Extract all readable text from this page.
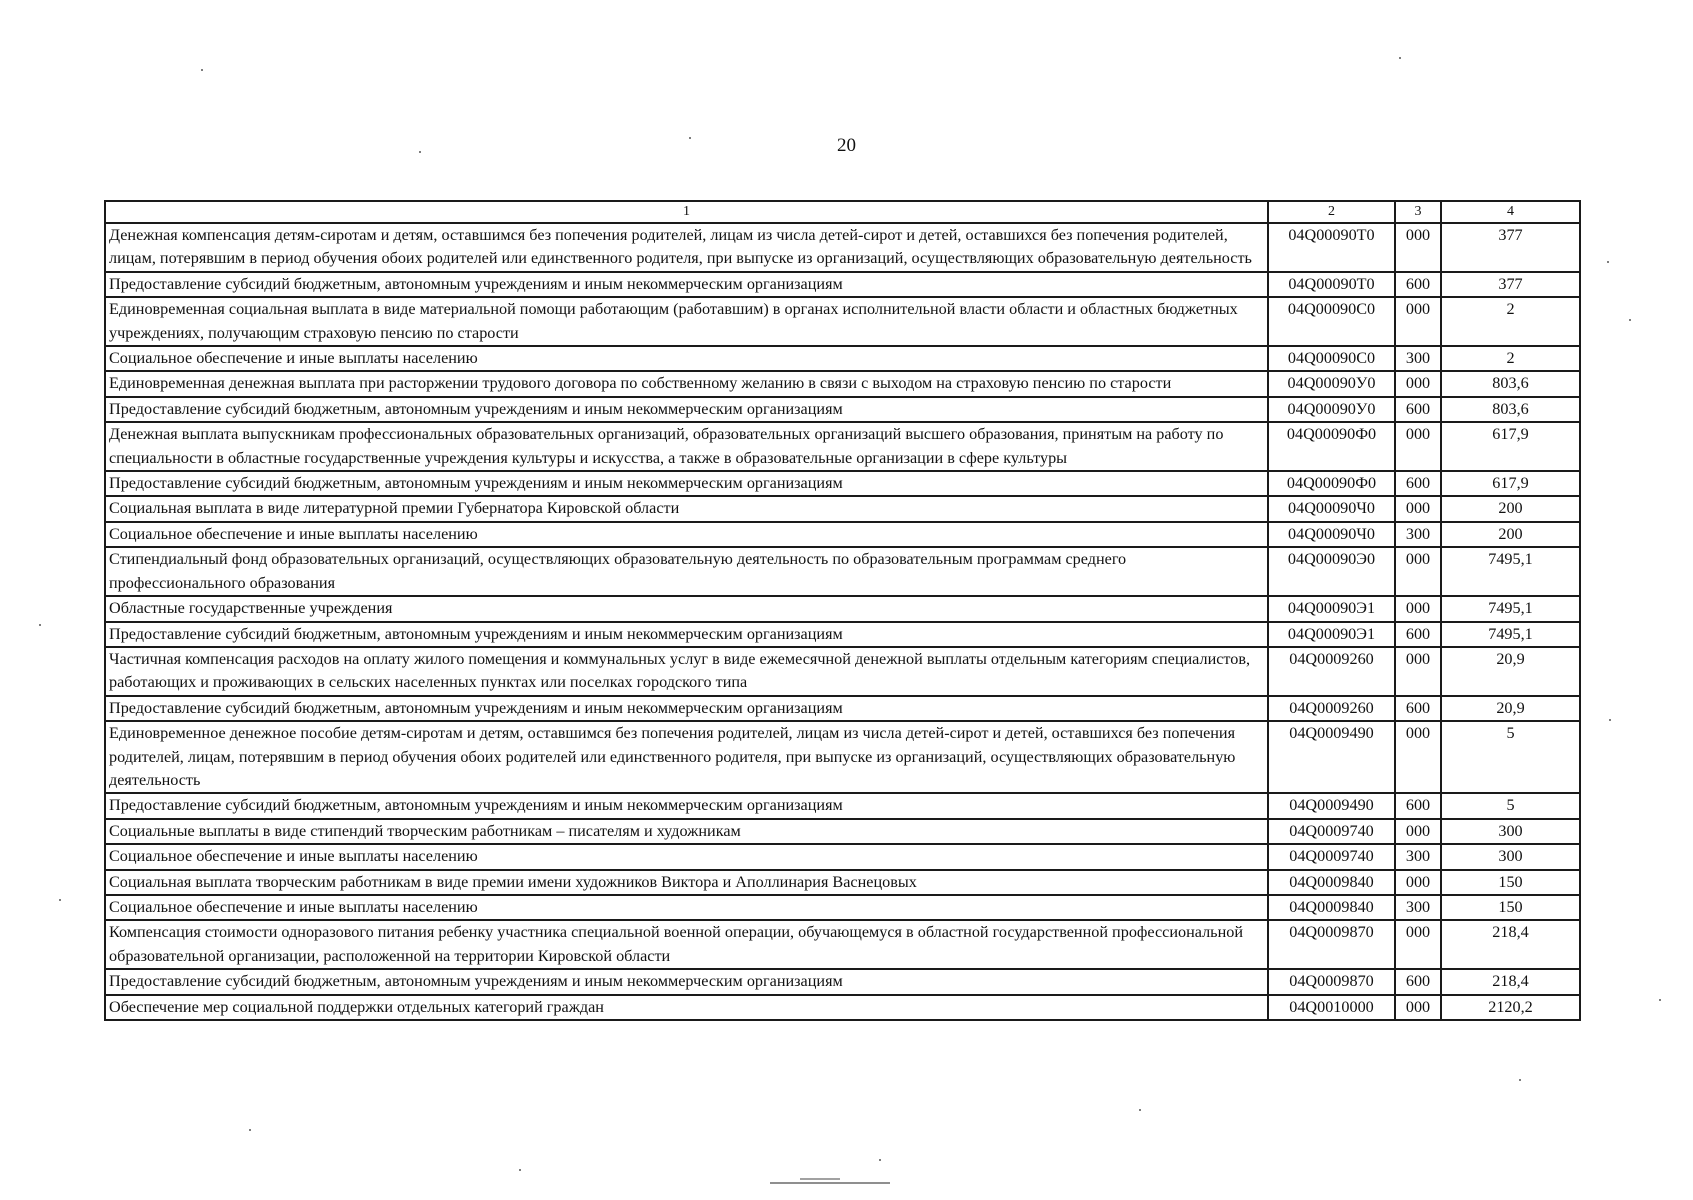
20
1	2	3	4
Денежная компенсация детям-сиротам и детям, оставшимся без попечения родителей, лицам из числа детей-сирот и детей, оставшихся без попечения родителей, лицам, потерявшим в период обучения обоих родителей или единственного родителя, при выпуске из организаций, осуществляющих образовательную деятельность	04Q00090Т0	000	377
Предоставление субсидий бюджетным, автономным учреждениям и иным некоммерческим организациям	04Q00090Т0	600	377
Единовременная социальная выплата в виде материальной помощи работающим (работавшим) в органах исполнительной власти области и областных бюджетных учреждениях, получающим страховую пенсию по старости	04Q00090С0	000	2
Социальное обеспечение и иные выплаты населению	04Q00090С0	300	2
Единовременная денежная выплата при расторжении трудового договора по собственному желанию в связи с выходом на страховую пенсию по старости	04Q00090У0	000	803,6
Предоставление субсидий бюджетным, автономным учреждениям и иным некоммерческим организациям	04Q00090У0	600	803,6
Денежная выплата выпускникам профессиональных образовательных организаций, образовательных организаций высшего образования, принятым на работу по специальности в областные государственные учреждения культуры и искусства, а также в образовательные организации в сфере культуры	04Q00090Ф0	000	617,9
Предоставление субсидий бюджетным, автономным учреждениям и иным некоммерческим организациям	04Q00090Ф0	600	617,9
Социальная выплата в виде литературной премии Губернатора Кировской области	04Q00090Ч0	000	200
Социальное обеспечение и иные выплаты населению	04Q00090Ч0	300	200
Стипендиальный фонд образовательных организаций, осуществляющих образовательную деятельность по образовательным программам среднего профессионального образования	04Q00090Э0	000	7495,1
Областные государственные учреждения	04Q00090Э1	000	7495,1
Предоставление субсидий бюджетным, автономным учреждениям и иным некоммерческим организациям	04Q00090Э1	600	7495,1
Частичная компенсация расходов на оплату жилого помещения и коммунальных услуг в виде ежемесячной денежной выплаты отдельным категориям специалистов, работающих и проживающих в сельских населенных пунктах или поселках городского типа	04Q0009260	000	20,9
Предоставление субсидий бюджетным, автономным учреждениям и иным некоммерческим организациям	04Q0009260	600	20,9
Единовременное денежное пособие детям-сиротам и детям, оставшимся без попечения родителей, лицам из числа детей-сирот и детей, оставшихся без попечения родителей, лицам, потерявшим в период обучения обоих родителей или единственного родителя, при выпуске из организаций, осуществляющих образовательную деятельность	04Q0009490	000	5
Предоставление субсидий бюджетным, автономным учреждениям и иным некоммерческим организациям	04Q0009490	600	5
Социальные выплаты в виде стипендий творческим работникам – писателям и художникам	04Q0009740	000	300
Социальное обеспечение и иные выплаты населению	04Q0009740	300	300
Социальная выплата творческим работникам в виде премии имени художников Виктора и Аполлинария Васнецовых	04Q0009840	000	150
Социальное обеспечение и иные выплаты населению	04Q0009840	300	150
Компенсация стоимости одноразового питания ребенку участника специальной военной операции, обучающемуся в областной государственной профессиональной образовательной организации, расположенной на территории Кировской области	04Q0009870	000	218,4
Предоставление субсидий бюджетным, автономным учреждениям и иным некоммерческим организациям	04Q0009870	600	218,4
Обеспечение мер социальной поддержки отдельных категорий граждан	04Q0010000	000	2120,2
